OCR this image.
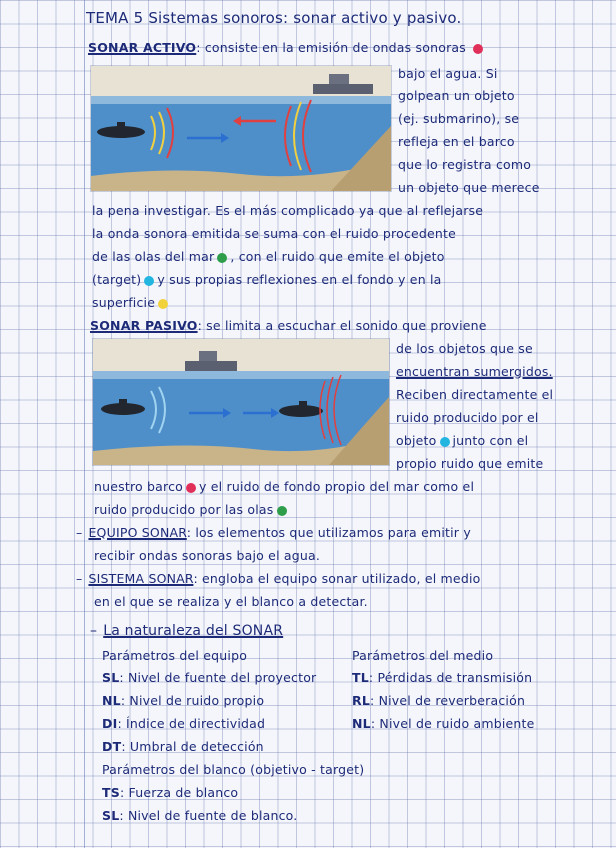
TEMA 5 Sistemas sonoros: sonar activo y pasivo.
SONAR ACTIVO: consiste en la emisión de ondas sonoras
bajo el agua. Si
golpean un objeto
(ej. submarino), se
refleja en el barco
que lo registra como
un objeto que merece
la pena investigar. Es el más complicado ya que al reflejarse
la onda sonora emitida se suma con el ruido procedente
de las olas del mar , con el ruido que emite el objeto
(target) y sus propias reflexiones en el fondo y en la
superficie
SONAR PASIVO: se limita a escuchar el sonido que proviene
de los objetos que se
encuentran sumergidos.
Reciben directamente el
ruido producido por el
objeto junto con el
propio ruido que emite
nuestro barco y el ruido de fondo propio del mar como el
ruido producido por las olas
– EQUIPO SONAR: los elementos que utilizamos para emitir y
recibir ondas sonoras bajo el agua.
– SISTEMA SONAR: engloba el equipo sonar utilizado, el medio
en el que se realiza y el blanco a detectar.
– La naturaleza del SONAR
Parámetros del equipo	Parámetros del medio
SL: Nivel de fuente del proyector
NL: Nivel de ruido propio
DI: Índice de directividad
DT: Umbral de detección
TL: Pérdidas de transmisión
RL: Nivel de reverberación
NL: Nivel de ruido ambiente
Parámetros del blanco (objetivo - target)
TS: Fuerza de blanco
SL: Nivel de fuente de blanco.
